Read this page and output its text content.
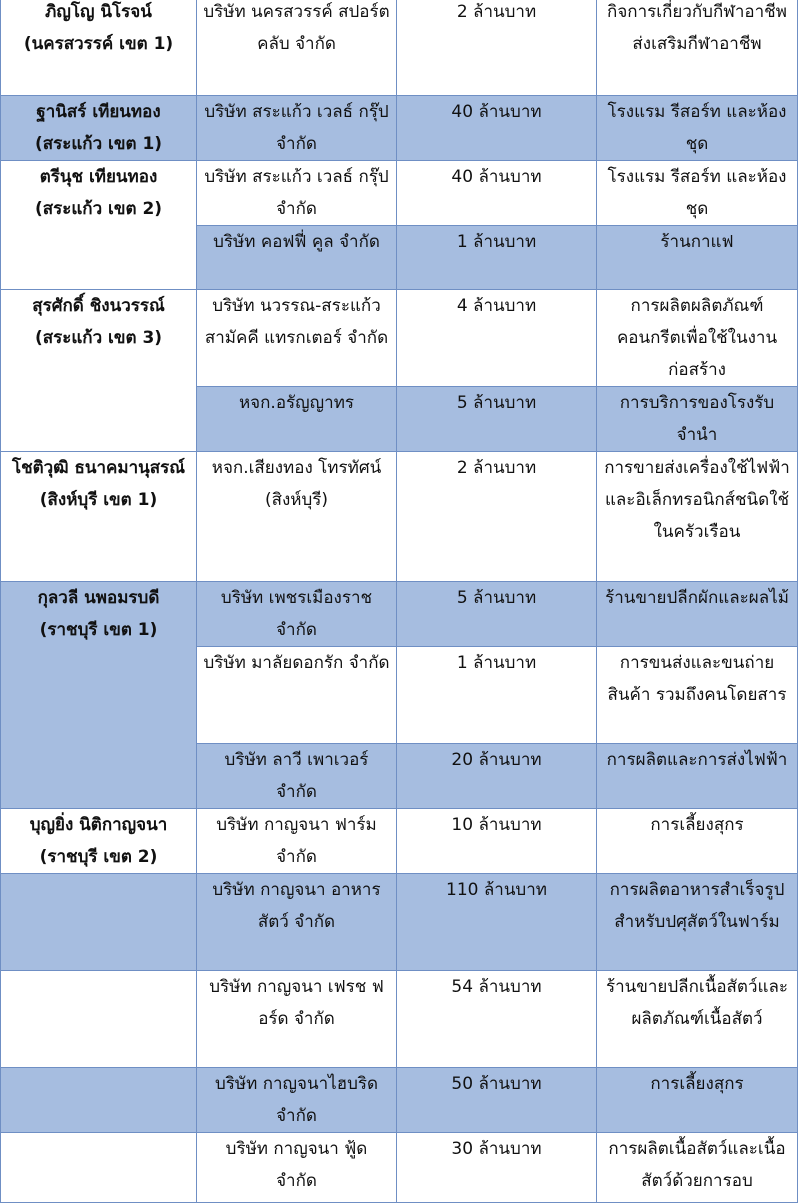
ภิญโญ นิโรจน์ (นครสวรรค์ เขต 1)	บริษัท นครสวรรค์ สปอร์ตคลับ จำกัด	2 ล้านบาท	กิจการเกี่ยวกับกีฬาอาชีพ ส่งเสริมกีฬาอาชีพ
ฐานิสร์ เทียนทอง (สระแก้ว เขต 1)	บริษัท สระแก้ว เวลธ์ กรุ๊ป จำกัด	40 ล้านบาท	โรงแรม รีสอร์ท และห้องชุด
ตรีนุช เทียนทอง (สระแก้ว เขต 2)	บริษัท สระแก้ว เวลธ์ กรุ๊ป จำกัด	40 ล้านบาท	โรงแรม รีสอร์ท และห้องชุด
	บริษัท คอฟฟี่ คูล จำกัด	1 ล้านบาท	ร้านกาแฟ
สุรศักดิ์ ชิงนวรรณ์ (สระแก้ว เขต 3)	บริษัท นวรรณ-สระแก้วสามัคคี แทรกเตอร์ จำกัด	4 ล้านบาท	การผลิตผลิตภัณฑ์คอนกรีตเพื่อใช้ในงานก่อสร้าง
	หจก.อรัญญาทร	5 ล้านบาท	การบริการของโรงรับจำนำ
โชติวุฒิ ธนาคมานุสรณ์ (สิงห์บุรี เขต 1)	หจก.เสียงทอง โทรทัศน์ (สิงห์บุรี)	2 ล้านบาท	การขายส่งเครื่องใช้ไฟฟ้าและอิเล็กทรอนิกส์ชนิดใช้ในครัวเรือน
กุลวลี นพอมรบดี (ราชบุรี เขต 1)	บริษัท เพชรเมืองราช จำกัด	5 ล้านบาท	ร้านขายปลีกผักและผลไม้
	บริษัท มาลัยดอกรัก จำกัด	1 ล้านบาท	การขนส่งและขนถ่ายสินค้า รวมถึงคนโดยสาร
	บริษัท ลาวี เพาเวอร์ จำกัด	20 ล้านบาท	การผลิตและการส่งไฟฟ้า
บุญยิ่ง นิติกาญจนา (ราชบุรี เขต 2)	บริษัท กาญจนา ฟาร์ม จำกัด	10 ล้านบาท	การเลี้ยงสุกร
	บริษัท กาญจนา อาหารสัตว์ จำกัด	110 ล้านบาท	การผลิตอาหารสำเร็จรูปสำหรับปศุสัตว์ในฟาร์ม
	บริษัท กาญจนา เฟรช ฟอร์ด จำกัด	54 ล้านบาท	ร้านขายปลีกเนื้อสัตว์และผลิตภัณฑ์เนื้อสัตว์
	บริษัท กาญจนาไฮบริด จำกัด	50 ล้านบาท	การเลี้ยงสุกร
	บริษัท กาญจนา ฟู้ด จำกัด	30 ล้านบาท	การผลิตเนื้อสัตว์และเนื้อสัตว์ด้วยการอบ
